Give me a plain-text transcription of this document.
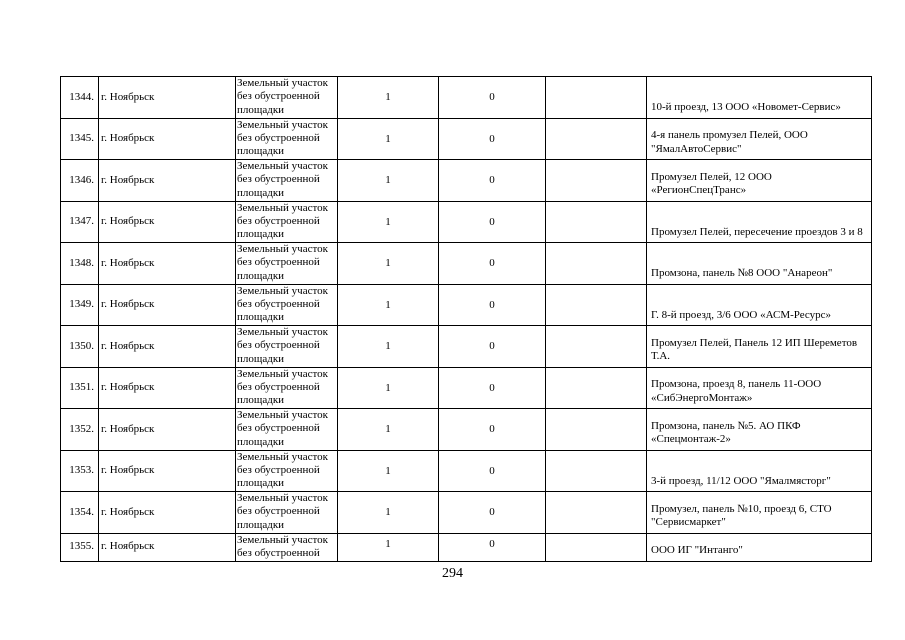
1344.	г. Ноябрьск	Земельный участок без обустроенной площадки	1	0		10-й проезд, 13 ООО «Новомет-Сервис»
1345.	г. Ноябрьск	Земельный участок без обустроенной площадки	1	0		4-я панель промузел Пелей, ООО "ЯмалАвтоСервис"
1346.	г. Ноябрьск	Земельный участок без обустроенной площадки	1	0		Промузел Пелей, 12 ООО «РегионСпецТранс»
1347.	г. Ноябрьск	Земельный участок без обустроенной площадки	1	0		Промузел Пелей, пересечение проездов 3 и 8
1348.	г. Ноябрьск	Земельный участок без обустроенной площадки	1	0		Промзона, панель №8 ООО "Анареон"
1349.	г. Ноябрьск	Земельный участок без обустроенной площадки	1	0		Г. 8-й проезд, 3/6 ООО «АСМ-Ресурс»
1350.	г. Ноябрьск	Земельный участок без обустроенной площадки	1	0		Промузел Пелей, Панель 12 ИП Шереметов Т.А.
1351.	г. Ноябрьск	Земельный участок без обустроенной площадки	1	0		Промзона, проезд 8, панель 11-ООО «СибЭнергоМонтаж»
1352.	г. Ноябрьск	Земельный участок без обустроенной площадки	1	0		Промзона, панель №5. АО ПКФ «Спецмонтаж-2»
1353.	г. Ноябрьск	Земельный участок без обустроенной площадки	1	0		3-й проезд, 11/12 ООО "Ямалмясторг"
1354.	г. Ноябрьск	Земельный участок без обустроенной площадки	1	0		Промузел, панель №10, проезд 6, СТО "Сервисмаркет"
1355.	г. Ноябрьск	Земельный участок без обустроенной	1	0		ООО ИГ "Интанго"
294
